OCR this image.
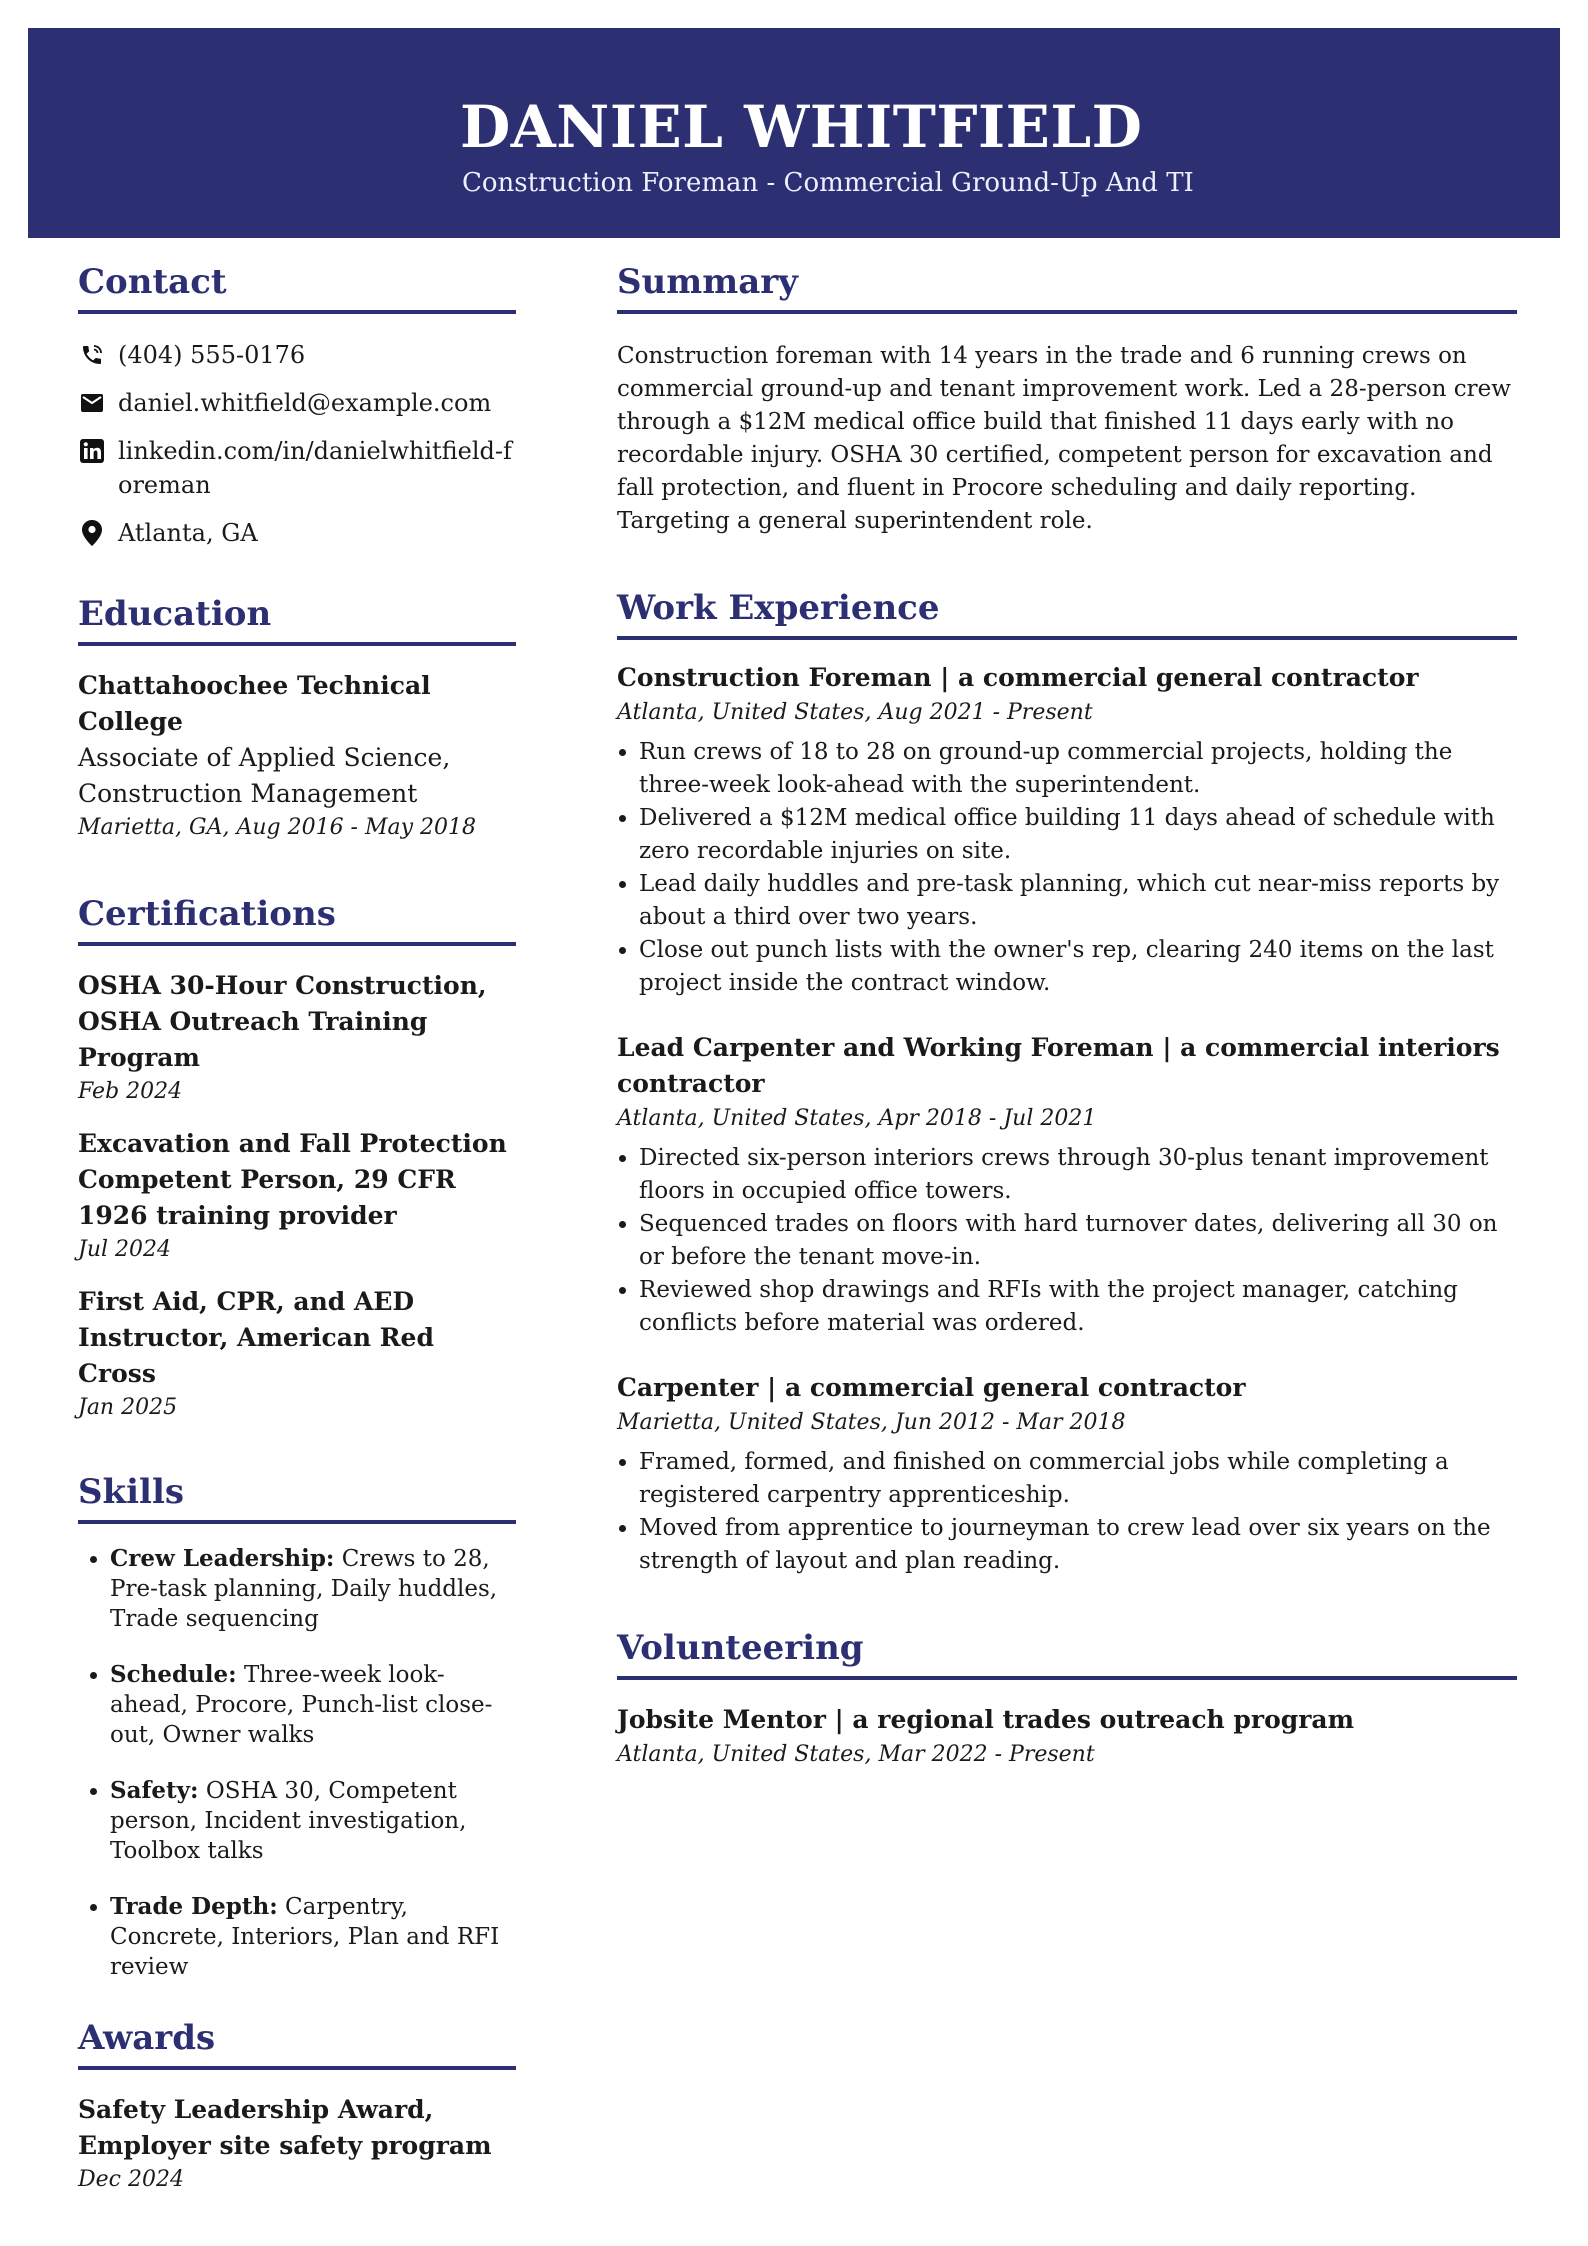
DANIEL WHITFIELD
Construction Foreman - Commercial Ground-Up And TI
Contact
(404) 555-0176
daniel.whitfield@example.com
linkedin.com/in/danielwhitfield-foreman
Atlanta, GA
Education
Chattahoochee Technical College
Associate of Applied Science, Construction Management
Marietta, GA, Aug 2016 - May 2018
Certifications
OSHA 30-Hour Construction, OSHA Outreach Training Program
Feb 2024
Excavation and Fall Protection Competent Person, 29 CFR 1926 training provider
Jul 2024
First Aid, CPR, and AED Instructor, American Red Cross
Jan 2025
Skills
• Crew Leadership: Crews to 28, Pre-task planning, Daily huddles, Trade sequencing
• Schedule: Three-week look-ahead, Procore, Punch-list close-out, Owner walks
• Safety: OSHA 30, Competent person, Incident investigation, Toolbox talks
• Trade Depth: Carpentry, Concrete, Interiors, Plan and RFI review
Awards
Safety Leadership Award, Employer site safety program
Dec 2024
Summary
Construction foreman with 14 years in the trade and 6 running crews on commercial ground-up and tenant improvement work. Led a 28-person crew through a $12M medical office build that finished 11 days early with no recordable injury. OSHA 30 certified, competent person for excavation and fall protection, and fluent in Procore scheduling and daily reporting. Targeting a general superintendent role.
Work Experience
Construction Foreman | a commercial general contractor
Atlanta, United States, Aug 2021 - Present
• Run crews of 18 to 28 on ground-up commercial projects, holding the three-week look-ahead with the superintendent.
• Delivered a $12M medical office building 11 days ahead of schedule with zero recordable injuries on site.
• Lead daily huddles and pre-task planning, which cut near-miss reports by about a third over two years.
• Close out punch lists with the owner's rep, clearing 240 items on the last project inside the contract window.
Lead Carpenter and Working Foreman | a commercial interiors contractor
Atlanta, United States, Apr 2018 - Jul 2021
• Directed six-person interiors crews through 30-plus tenant improvement floors in occupied office towers.
• Sequenced trades on floors with hard turnover dates, delivering all 30 on or before the tenant move-in.
• Reviewed shop drawings and RFIs with the project manager, catching conflicts before material was ordered.
Carpenter | a commercial general contractor
Marietta, United States, Jun 2012 - Mar 2018
• Framed, formed, and finished on commercial jobs while completing a registered carpentry apprenticeship.
• Moved from apprentice to journeyman to crew lead over six years on the strength of layout and plan reading.
Volunteering
Jobsite Mentor | a regional trades outreach program
Atlanta, United States, Mar 2022 - Present
